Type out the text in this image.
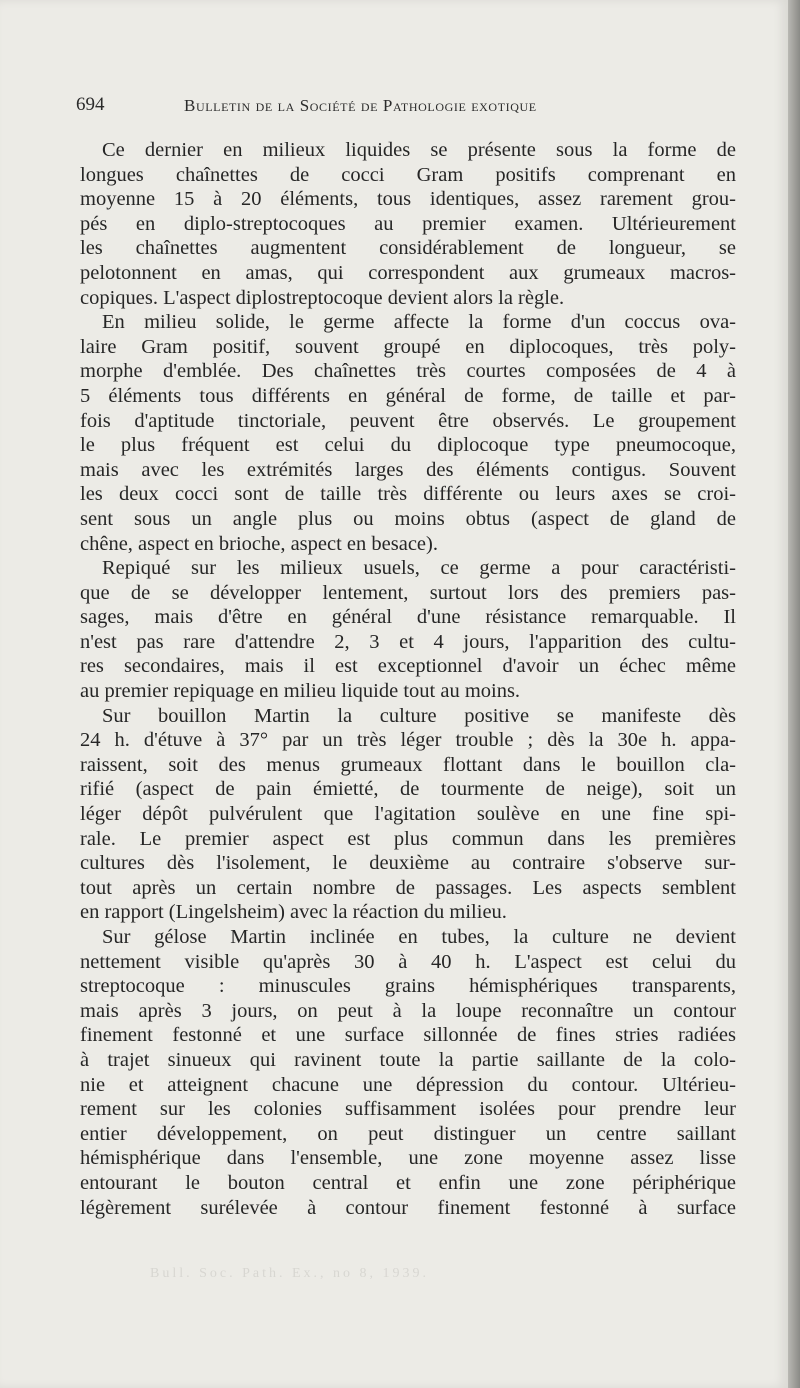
694	Bulletin de la Société de Pathologie exotique
Ce dernier en milieux liquides se présente sous la forme de
longues chaînettes de cocci Gram positifs comprenant en
moyenne 15 à 20 éléments, tous identiques, assez rarement grou-
pés en diplo-streptocoques au premier examen. Ultérieurement
les chaînettes augmentent considérablement de longueur, se
pelotonnent en amas, qui correspondent aux grumeaux macros-
copiques. L'aspect diplostreptocoque devient alors la règle.
En milieu solide, le germe affecte la forme d'un coccus ova-
laire Gram positif, souvent groupé en diplocoques, très poly-
morphe d'emblée. Des chaînettes très courtes composées de 4 à
5 éléments tous différents en général de forme, de taille et par-
fois d'aptitude tinctoriale, peuvent être observés. Le groupement
le plus fréquent est celui du diplocoque type pneumocoque,
mais avec les extrémités larges des éléments contigus. Souvent
les deux cocci sont de taille très différente ou leurs axes se croi-
sent sous un angle plus ou moins obtus (aspect de gland de
chêne, aspect en brioche, aspect en besace).
Repiqué sur les milieux usuels, ce germe a pour caractéristi-
que de se développer lentement, surtout lors des premiers pas-
sages, mais d'être en général d'une résistance remarquable. Il
n'est pas rare d'attendre 2, 3 et 4 jours, l'apparition des cultu-
res secondaires, mais il est exceptionnel d'avoir un échec même
au premier repiquage en milieu liquide tout au moins.
Sur bouillon Martin la culture positive se manifeste dès
24 h. d'étuve à 37° par un très léger trouble ; dès la 30e h. appa-
raissent, soit des menus grumeaux flottant dans le bouillon cla-
rifié (aspect de pain émietté, de tourmente de neige), soit un
léger dépôt pulvérulent que l'agitation soulève en une fine spi-
rale. Le premier aspect est plus commun dans les premières
cultures dès l'isolement, le deuxième au contraire s'observe sur-
tout après un certain nombre de passages. Les aspects semblent
en rapport (Lingelsheim) avec la réaction du milieu.
Sur gélose Martin inclinée en tubes, la culture ne devient
nettement visible qu'après 30 à 40 h. L'aspect est celui du
streptocoque : minuscules grains hémisphériques transparents,
mais après 3 jours, on peut à la loupe reconnaître un contour
finement festonné et une surface sillonnée de fines stries radiées
à trajet sinueux qui ravinent toute la partie saillante de la colo-
nie et atteignent chacune une dépression du contour. Ultérieu-
rement sur les colonies suffisamment isolées pour prendre leur
entier développement, on peut distinguer un centre saillant
hémisphérique dans l'ensemble, une zone moyenne assez lisse
entourant le bouton central et enfin une zone périphérique
légèrement surélevée à contour finement festonné à surface
Bull. Soc. Path. Ex., no 8, 1939.
